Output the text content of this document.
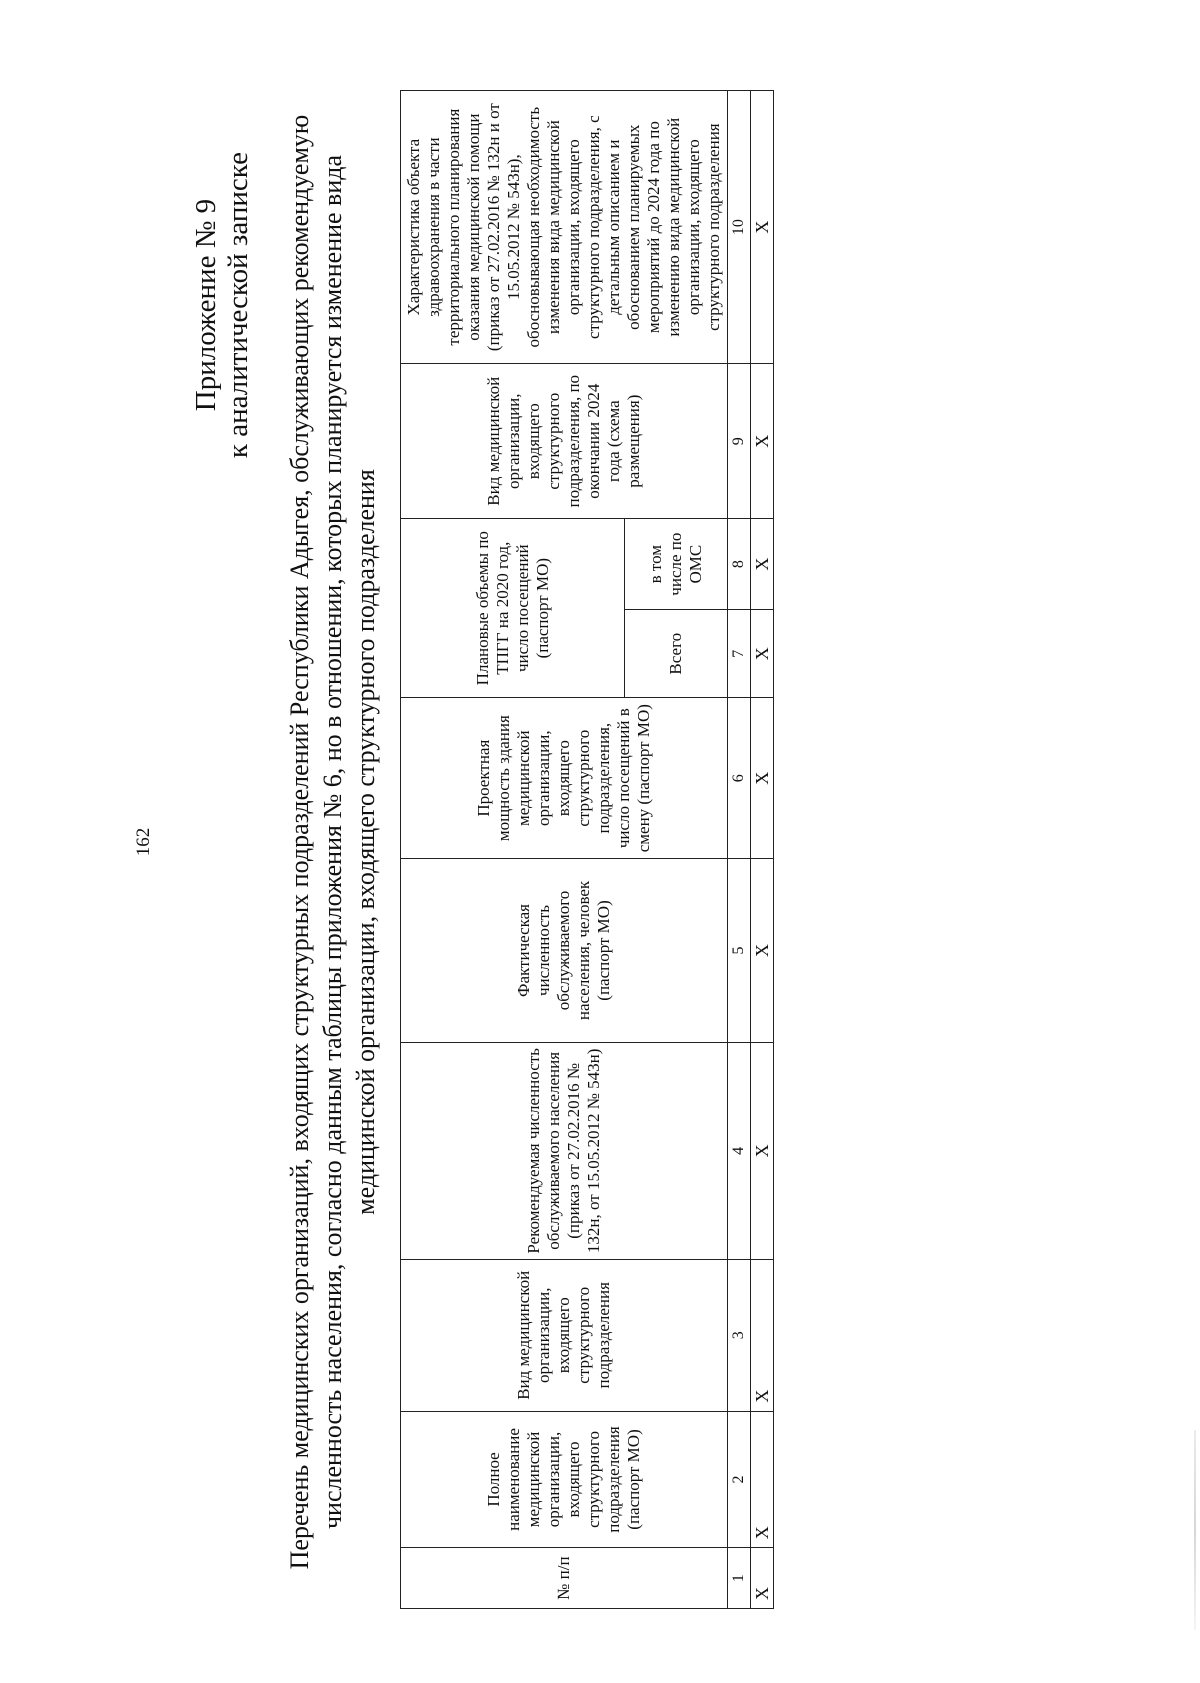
162
Приложение № 9 к аналитической записке Перечень медицинских организаций, входящих структурных подразделений Республики Адыгея, обслуживающих рекомендуемую численность населения, согласно данным таблицы приложения № 6, но в отношении, которых планируется изменение вида медицинской организации, входящего структурного подразделения
№ п/п	Полное наименование медицинской организации, входящего структурного подразделения (паспорт МО)	Вид медицинской организации, входящего структурного подразделения	Рекомендуемая численность обслуживаемого населения (приказ от 27.02.2016 № 132н, от 15.05.2012 № 543н)	Фактическая численность обслуживаемого населения, человек (паспорт МО)	Проектная мощность здания медицинской организации, входящего структурного подразделения, число посещений в смену (паспорт МО)	Плановые объемы по ТПГГ на 2020 год, число посещений (паспорт МО)		Вид медицинской организации, входящего структурного подразделения, по окончании 2024 года (схема размещения)	Характеристика объекта здравоохранения в части территориального планирования оказания медицинской помощи (приказ от 27.02.2016 № 132н и от 15.05.2012 № 543н), обосновывающая необходимость изменения вида медицинской организации, входящего структурного подразделения, с детальным описанием и обоснованием планируемых мероприятий до 2024 года по изменению вида медицинской организации, входящего структурного подразделения
						Всего	в том числе по ОМС		
1	2	3	4	5	6	7	8	9	10
Х	Х	Х	Х	Х	Х	Х	Х	Х	Х
